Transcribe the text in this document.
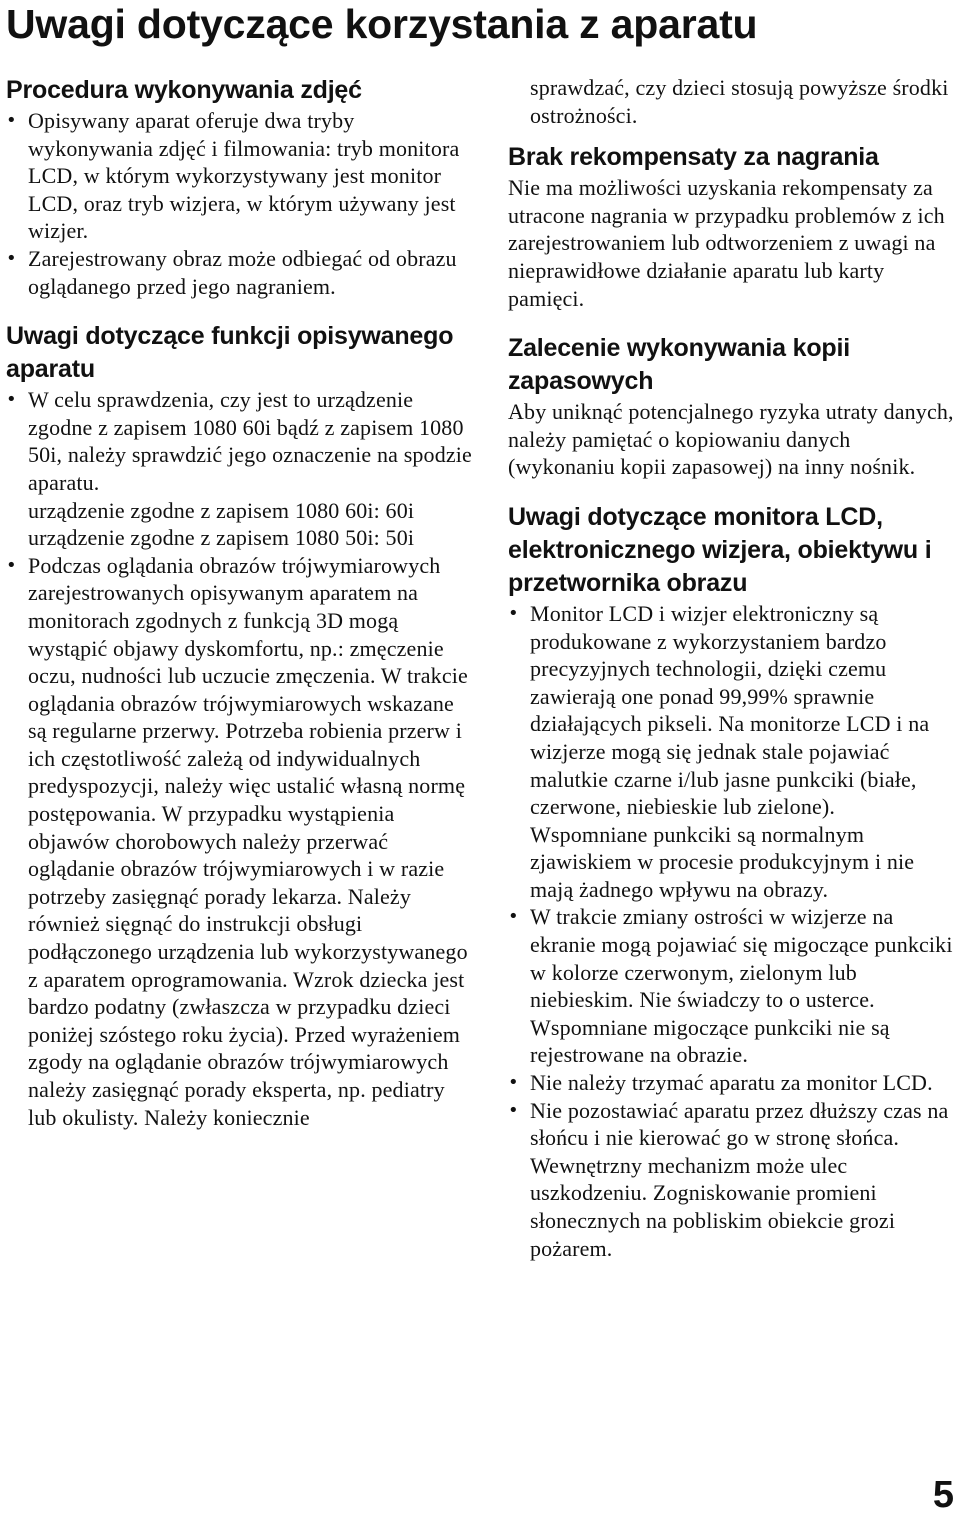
Uwagi dotyczące korzystania z aparatu
Procedura wykonywania zdjęć
• Opisywany aparat oferuje dwa tryby wykonywania zdjęć i filmowania: tryb monitora LCD, w którym wykorzystywany jest monitor LCD, oraz tryb wizjera, w którym używany jest wizjer.
• Zarejestrowany obraz może odbiegać od obrazu oglądanego przed jego nagraniem.
Uwagi dotyczące funkcji opisywanego aparatu
• W celu sprawdzenia, czy jest to urządzenie zgodne z zapisem 1080 60i bądź z zapisem 1080 50i, należy sprawdzić jego oznaczenie na spodzie aparatu.

urządzenie zgodne z zapisem 1080 60i: 60i

urządzenie zgodne z zapisem 1080 50i: 50i

• Podczas oglądania obrazów trójwymiarowych zarejestrowanych opisywanym aparatem na monitorach zgodnych z funkcją 3D mogą wystąpić objawy dyskomfortu, np.: zmęczenie oczu, nudności lub uczucie zmęczenia. W trakcie oglądania obrazów trójwymiarowych wskazane są regularne przerwy. Potrzeba robienia przerw i ich częstotliwość zależą od indywidualnych predyspozycji, należy więc ustalić własną normę postępowania. W przypadku wystąpienia objawów chorobowych należy przerwać oglądanie obrazów trójwymiarowych i w razie potrzeby zasięgnąć porady lekarza. Należy również sięgnąć do instrukcji obsługi podłączonego urządzenia lub wykorzystywanego z aparatem oprogramowania. Wzrok dziecka jest bardzo podatny (zwłaszcza w przypadku dzieci poniżej szóstego roku życia). Przed wyrażeniem zgody na oglądanie obrazów trójwymiarowych należy zasięgnąć porady eksperta, np. pediatry lub okulisty. Należy koniecznie

sprawdzać, czy dzieci stosują powyższe środki ostrożności.

Brak rekompensaty za nagrania

Nie ma możliwości uzyskania rekompensaty za utracone nagrania w przypadku problemów z ich zarejestrowaniem lub odtworzeniem z uwagi na nieprawidłowe działanie aparatu lub karty pamięci.

Zalecenie wykonywania kopii zapasowych

Aby uniknąć potencjalnego ryzyka utraty danych, należy pamiętać o kopiowaniu danych (wykonaniu kopii zapasowej) na inny nośnik.

Uwagi dotyczące monitora LCD, elektronicznego wizjera, obiektywu i przetwornika obrazu
• Monitor LCD i wizjer elektroniczny są produkowane z wykorzystaniem bardzo precyzyjnych technologii, dzięki czemu zawierają one ponad 99,99% sprawnie działających pikseli. Na monitorze LCD i na wizjerze mogą się jednak stale pojawiać malutkie czarne i/lub jasne punkciki (białe, czerwone, niebieskie lub zielone). Wspomniane punkciki są normalnym zjawiskiem w procesie produkcyjnym i nie mają żadnego wpływu na obrazy.
• W trakcie zmiany ostrości w wizjerze na ekranie mogą pojawiać się migoczące punkciki w kolorze czerwonym, zielonym lub niebieskim. Nie świadczy to o usterce. Wspomniane migoczące punkciki nie są rejestrowane na obrazie.
• Nie należy trzymać aparatu za monitor LCD.
• Nie pozostawiać aparatu przez dłuższy czas na słońcu i nie kierować go w stronę słońca. Wewnętrzny mechanizm może ulec uszkodzeniu. Zogniskowanie promieni słonecznych na pobliskim obiekcie grozi pożarem.
5
